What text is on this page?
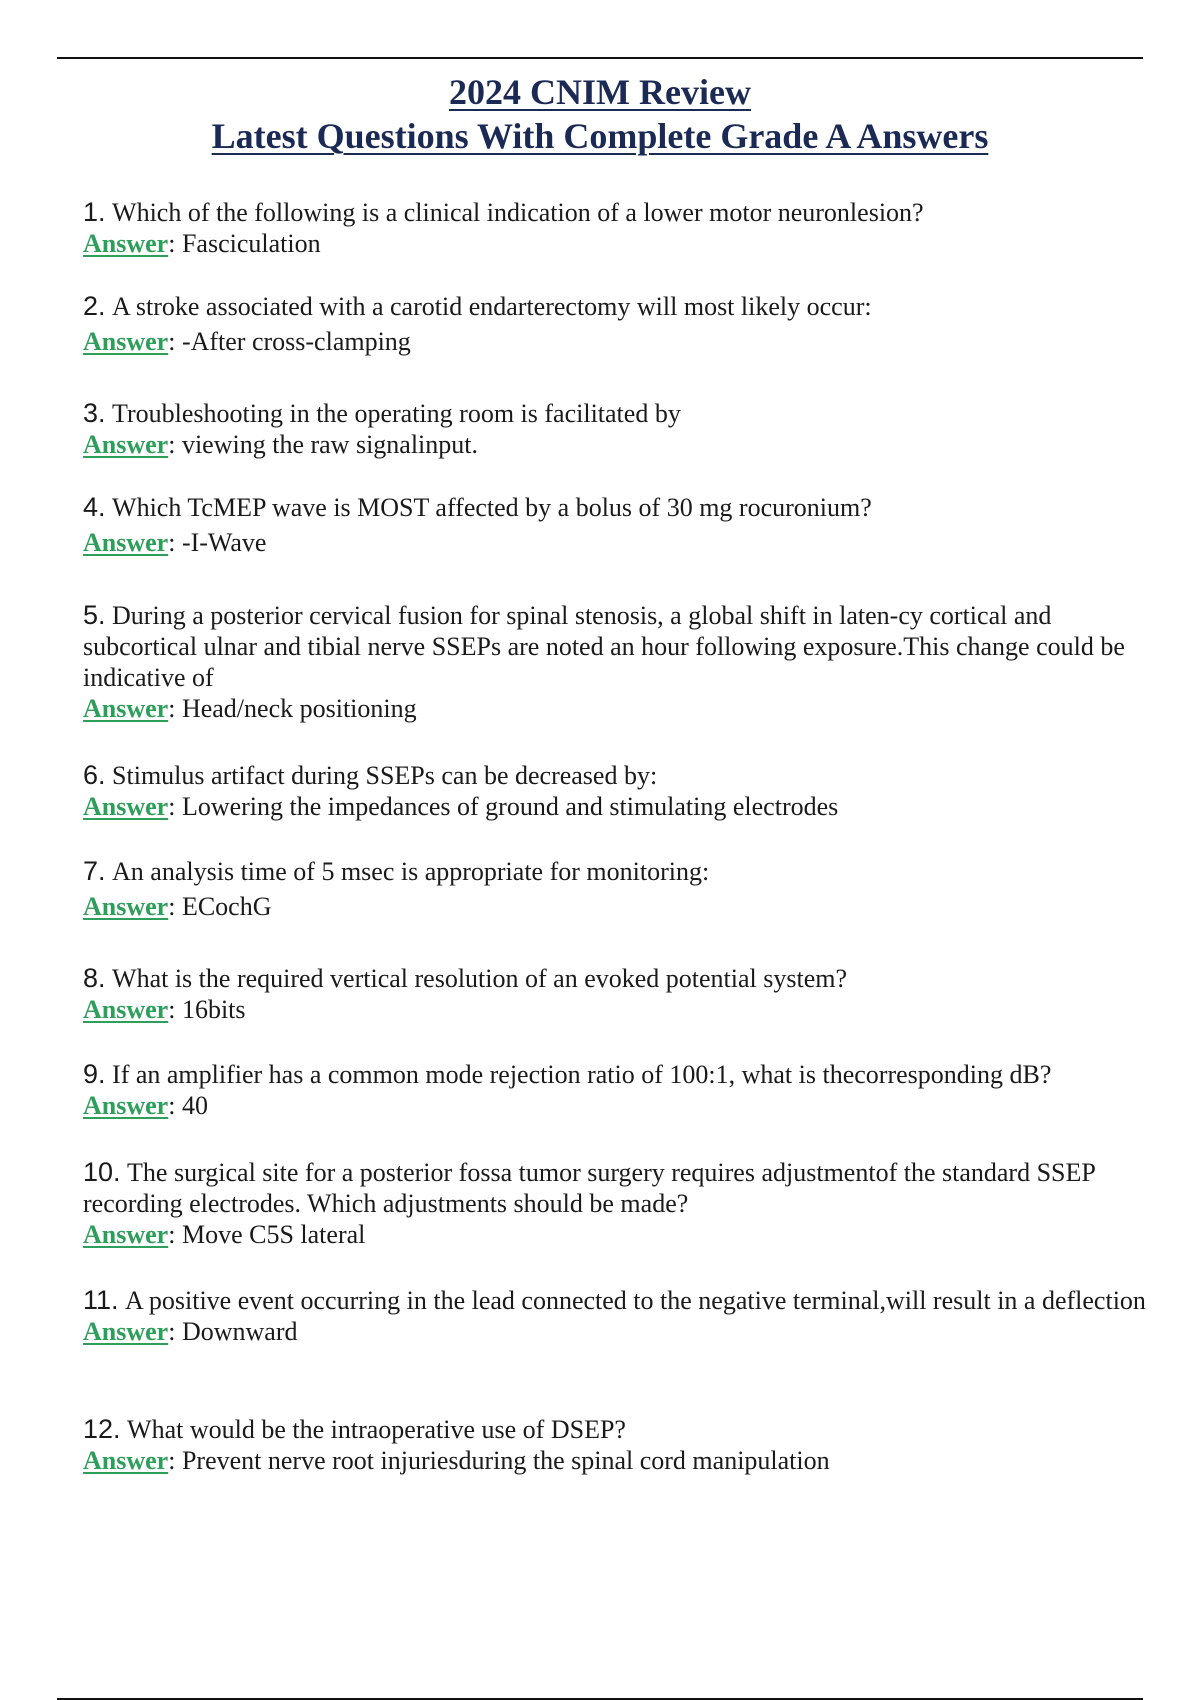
2024 CNIM Review
Latest Questions With Complete Grade A Answers
1. Which of the following is a clinical indication of a lower motor neuronlesion?
Answer: Fasciculation
2. A stroke associated with a carotid endarterectomy will most likely occur:
Answer: -After cross-clamping
3. Troubleshooting in the operating room is facilitated by
Answer: viewing the raw signalinput.
4. Which TcMEP wave is MOST affected by a bolus of 30 mg rocuronium?
Answer: -I-Wave
5. During a posterior cervical fusion for spinal stenosis, a global shift in laten-cy cortical and subcortical ulnar and tibial nerve SSEPs are noted an hour following exposure.This change could be indicative of
Answer: Head/neck positioning
6. Stimulus artifact during SSEPs can be decreased by:
Answer: Lowering the impedances of ground and stimulating electrodes
7. An analysis time of 5 msec is appropriate for monitoring:
Answer: ECochG
8. What is the required vertical resolution of an evoked potential system?
Answer: 16bits
9. If an amplifier has a common mode rejection ratio of 100:1, what is thecorresponding dB?
Answer: 40
10. The surgical site for a posterior fossa tumor surgery requires adjustmentof the standard SSEP recording electrodes. Which adjustments should be made?
Answer: Move C5S lateral
11. A positive event occurring in the lead connected to the negative terminal,will result in a deflection
Answer: Downward
12. What would be the intraoperative use of DSEP?
Answer: Prevent nerve root injuriesduring the spinal cord manipulation
